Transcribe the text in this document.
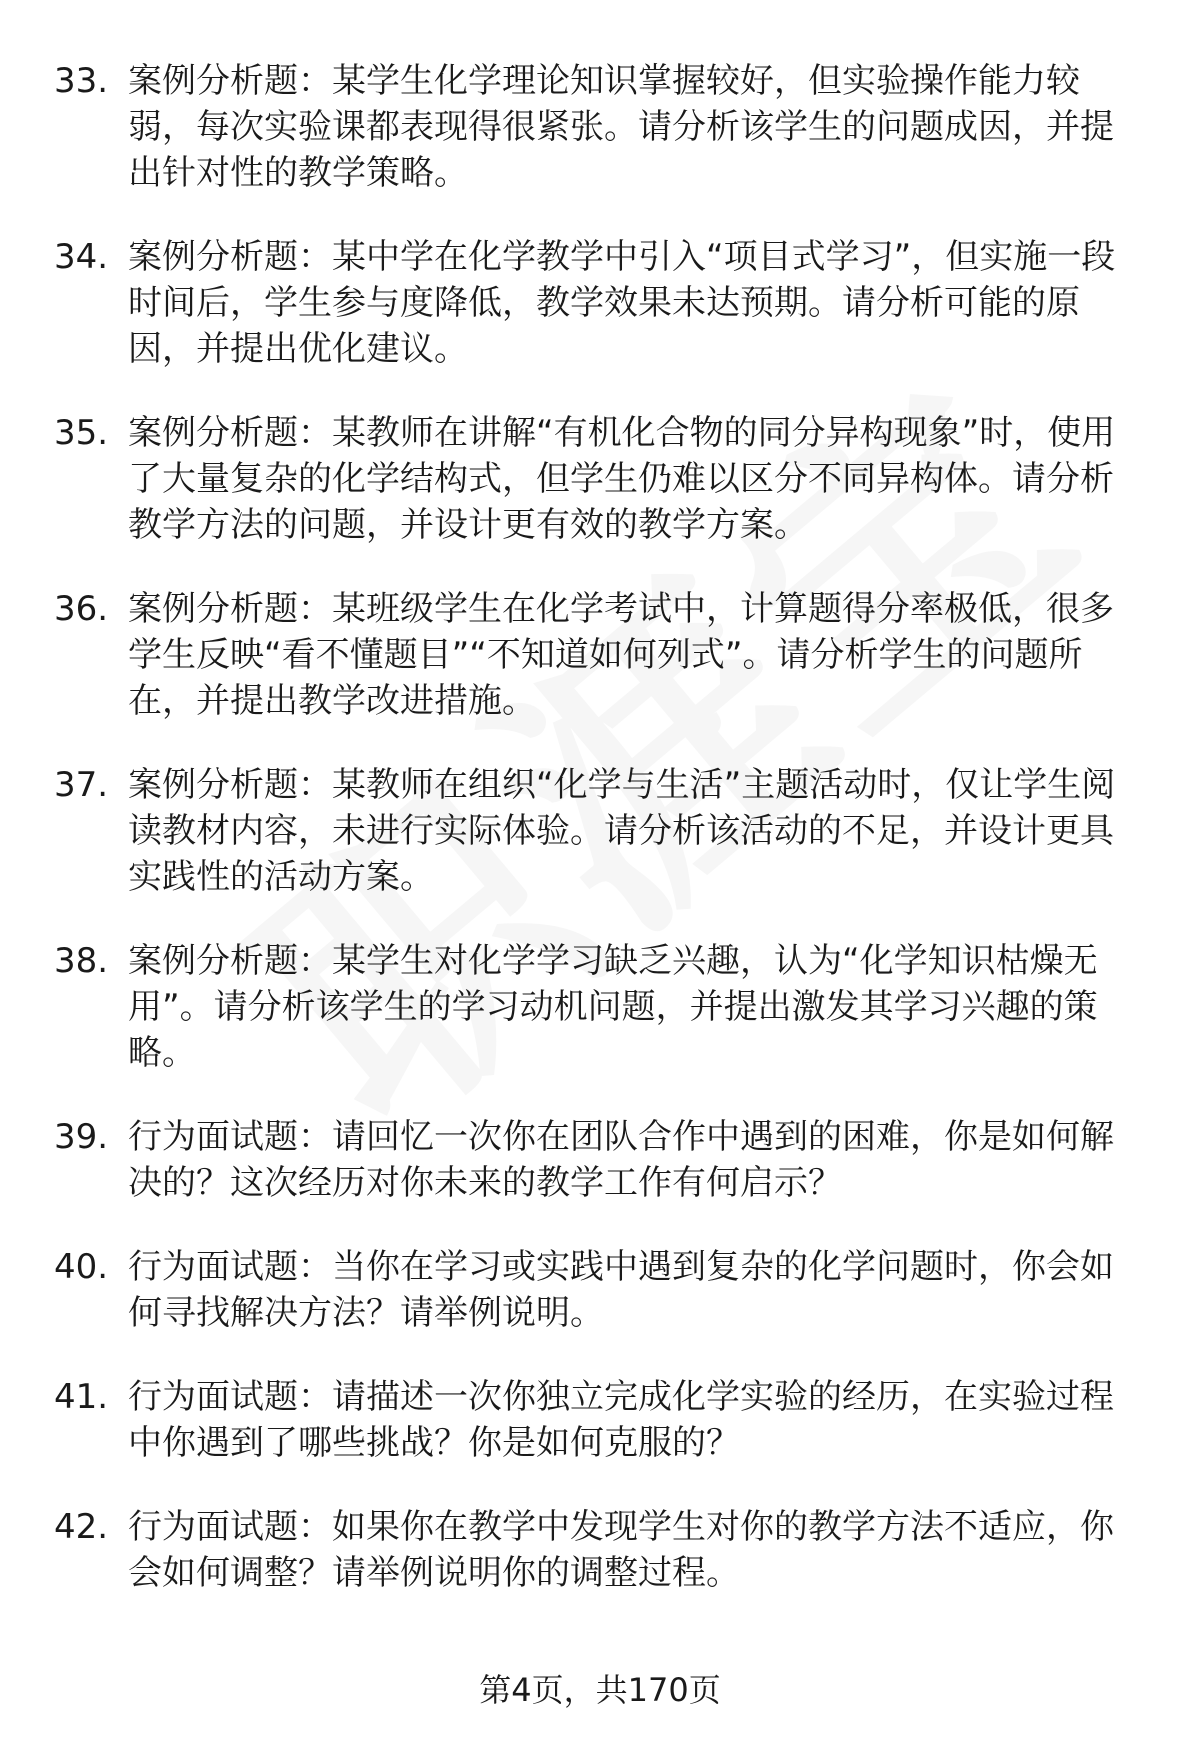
33. 案例分析题：某学生化学理论知识掌握较好，但实验操作能力较弱，每次实验课都表现得很紧张。请分析该学生的问题成因，并提出针对性的教学策略。
34. 案例分析题：某中学在化学教学中引入“项目式学习”，但实施一段时间后，学生参与度降低，教学效果未达预期。请分析可能的原因，并提出优化建议。
35. 案例分析题：某教师在讲解“有机化合物的同分异构现象”时，使用了大量复杂的化学结构式，但学生仍难以区分不同异构体。请分析教学方法的问题，并设计更有效的教学方案。
36. 案例分析题：某班级学生在化学考试中，计算题得分率极低，很多学生反映“看不懂题目”“不知道如何列式”。请分析学生的问题所在，并提出教学改进措施。
37. 案例分析题：某教师在组织“化学与生活”主题活动时，仅让学生阅读教材内容，未进行实际体验。请分析该活动的不足，并设计更具实践性的活动方案。
38. 案例分析题：某学生对化学学习缺乏兴趣，认为“化学知识枯燥无用”。请分析该学生的学习动机问题，并提出激发其学习兴趣的策略。
39. 行为面试题：请回忆一次你在团队合作中遇到的困难，你是如何解决的？这次经历对你未来的教学工作有何启示？
40. 行为面试题：当你在学习或实践中遇到复杂的化学问题时，你会如何寻找解决方法？请举例说明。
41. 行为面试题：请描述一次你独立完成化学实验的经历，在实验过程中你遇到了哪些挑战？你是如何克服的？
42. 行为面试题：如果你在教学中发现学生对你的教学方法不适应，你会如何调整？请举例说明你的调整过程。
第4页，共170页
